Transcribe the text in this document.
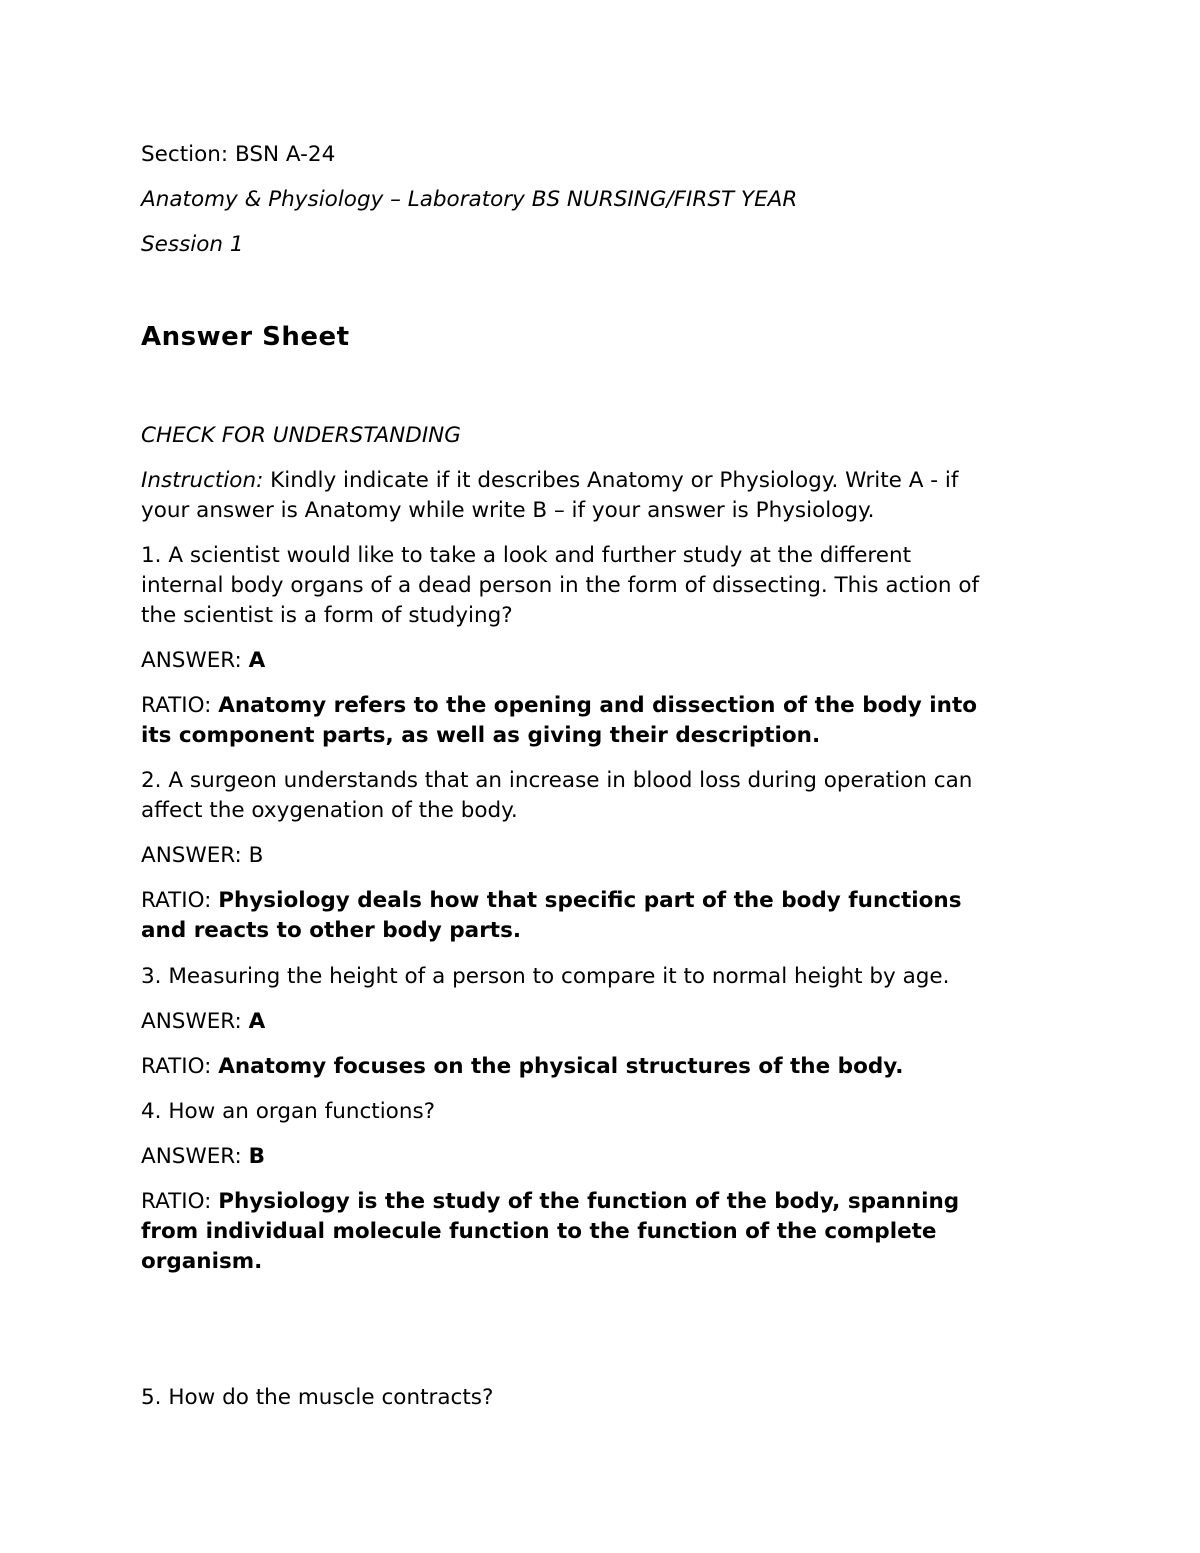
Section: BSN A-24
Anatomy & Physiology – Laboratory BS NURSING/FIRST YEAR
Session 1
Answer Sheet
CHECK FOR UNDERSTANDING
Instruction: Kindly indicate if it describes Anatomy or Physiology. Write A - if
your answer is Anatomy while write B – if your answer is Physiology.
1. A scientist would like to take a look and further study at the different
internal body organs of a dead person in the form of dissecting. This action of
the scientist is a form of studying?
ANSWER: A
RATIO: Anatomy refers to the opening and dissection of the body into
its component parts, as well as giving their description.
2. A surgeon understands that an increase in blood loss during operation can
affect the oxygenation of the body.
ANSWER: B
RATIO: Physiology deals how that specific part of the body functions
and reacts to other body parts.
3. Measuring the height of a person to compare it to normal height by age.
ANSWER: A
RATIO: Anatomy focuses on the physical structures of the body.
4. How an organ functions?
ANSWER: B
RATIO: Physiology is the study of the function of the body, spanning
from individual molecule function to the function of the complete
organism.
5. How do the muscle contracts?
